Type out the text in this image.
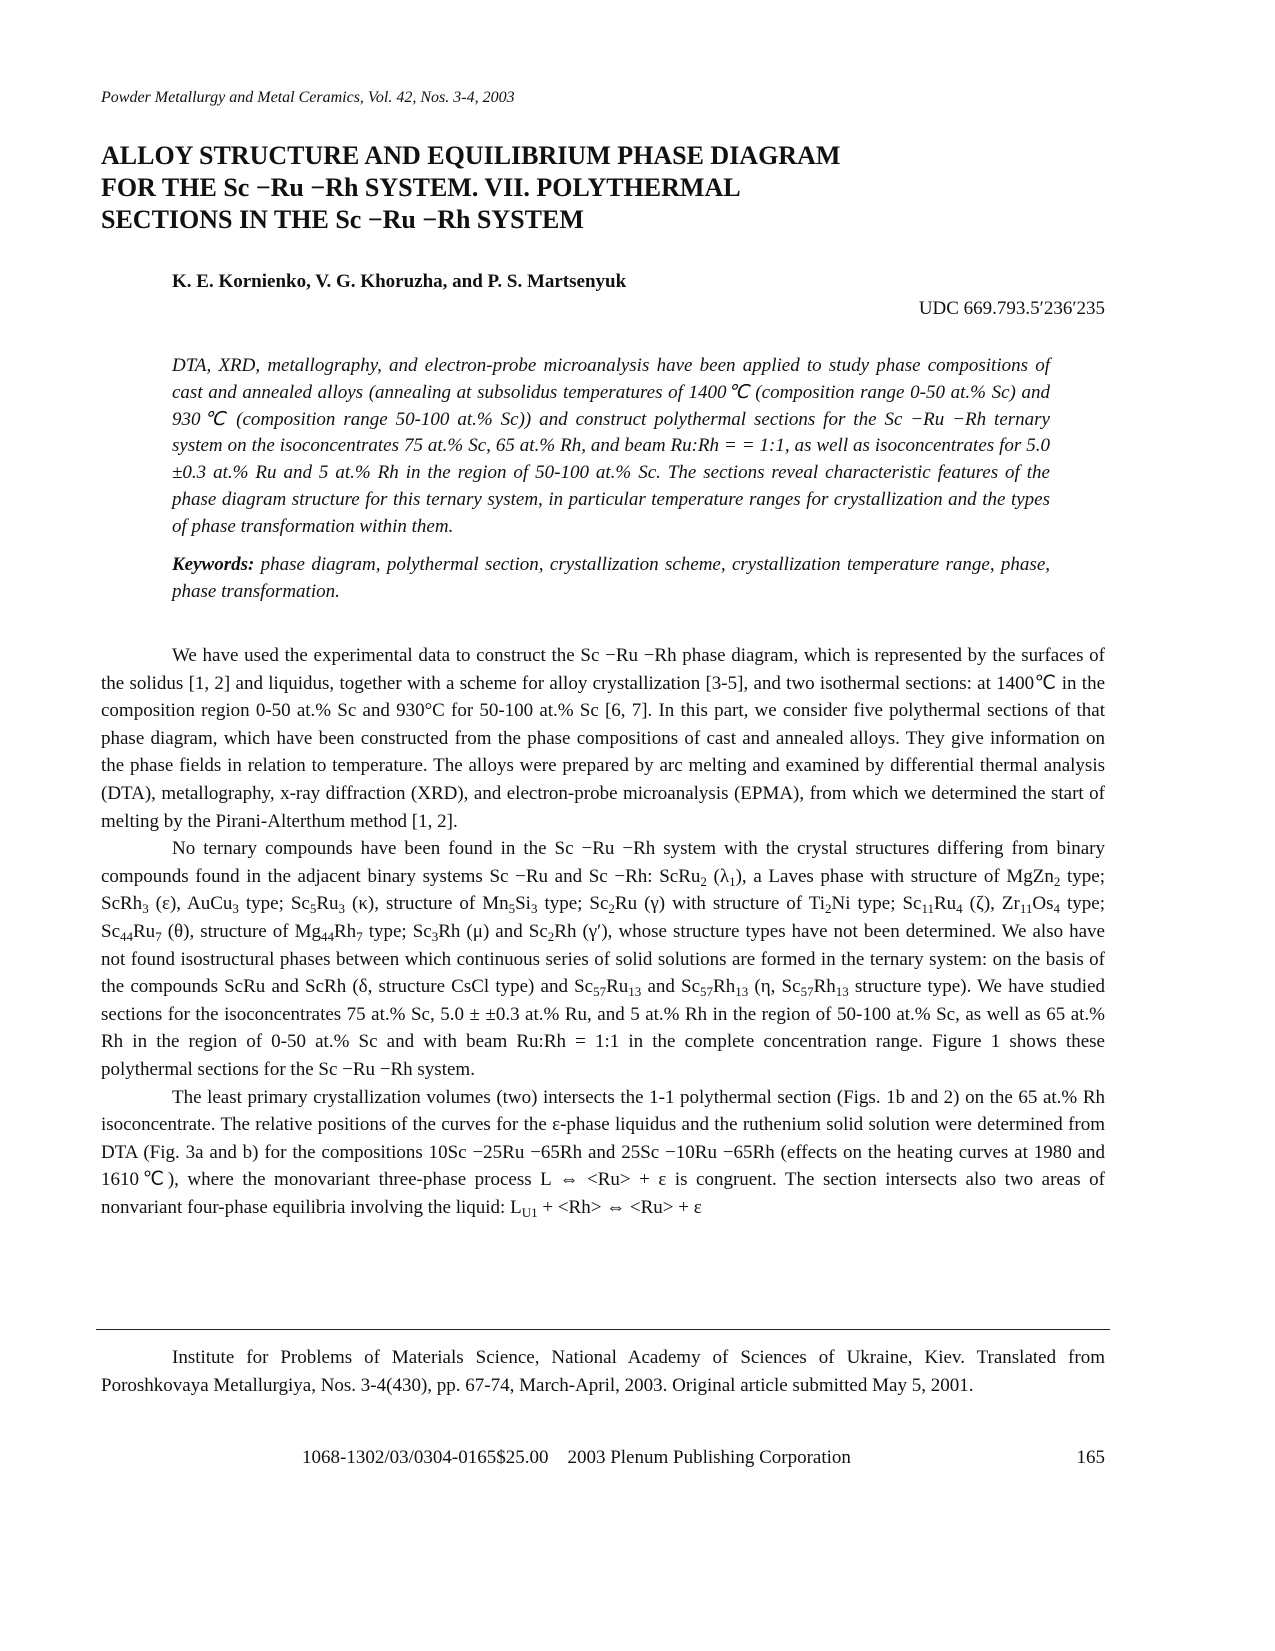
Powder Metallurgy and Metal Ceramics, Vol. 42, Nos. 3-4, 2003
ALLOY STRUCTURE AND EQUILIBRIUM PHASE DIAGRAM
FOR THE Sc −Ru −Rh SYSTEM. VII. POLYTHERMAL
SECTIONS IN THE Sc −Ru −Rh SYSTEM
K. E. Kornienko, V. G. Khoruzha, and P. S. Martsenyuk
UDC 669.793.5′236′235
DTA, XRD, metallography, and electron-probe microanalysis have been applied to study phase compositions of cast and annealed alloys (annealing at subsolidus temperatures of 1400℃ (composition range 0-50 at.% Sc) and 930℃ (composition range 50-100 at.% Sc)) and construct polythermal sections for the Sc −Ru −Rh ternary system on the isoconcentrates 75 at.% Sc, 65 at.% Rh, and beam Ru:Rh = = 1:1, as well as isoconcentrates for 5.0 ±0.3 at.% Ru and 5 at.% Rh in the region of 50-100 at.% Sc. The sections reveal characteristic features of the phase diagram structure for this ternary system, in particular temperature ranges for crystallization and the types of phase transformation within them.
Keywords: phase diagram, polythermal section, crystallization scheme, crystallization temperature range, phase, phase transformation.

We have used the experimental data to construct the Sc −Ru −Rh phase diagram, which is represented by the surfaces of the solidus [1, 2] and liquidus, together with a scheme for alloy crystallization [3-5], and two isothermal sections: at 1400℃ in the composition region 0-50 at.% Sc and 930°C for 50-100 at.% Sc [6, 7]. In this part, we consider five polythermal sections of that phase diagram, which have been constructed from the phase compositions of cast and annealed alloys. They give information on the phase fields in relation to temperature. The alloys were prepared by arc melting and examined by differential thermal analysis (DTA), metallography, x-ray diffraction (XRD), and electron-probe microanalysis (EPMA), from which we determined the start of melting by the Pirani-Alterthum method [1, 2].

No ternary compounds have been found in the Sc −Ru −Rh system with the crystal structures differing from binary compounds found in the adjacent binary systems Sc −Ru and Sc −Rh: ScRu$_2$ $(\lambda_1)$, a Laves phase with structure of MgZn$_2$ type; ScRh$_3$ (ε), AuCu$_3$ type; $Sc_5Ru_3$ (κ), structure of $Mn_5Si_3$ type; $Sc_2Ru$ (γ) with structure of $Ti_2Ni$ type; $Sc_{11}Ru_4$ (ζ), $Zr_{11}Os_4$ type; $Sc_{44}Ru_7$ (θ), structure of $Mg_{44}Rh_7$ type; $Sc_3Rh$ (μ) and $Sc_2Rh$ (γ′), whose structure types have not been determined. We also have not found isostructural phases between which continuous series of solid solutions are formed in the ternary system: on the basis of the compounds ScRu and ScRh (δ, structure CsCl type) and $Sc_{57}Ru_{13}$ and $Sc_{57}Rh_{13}$ (η, $Sc_{57}Rh_{13}$ structure type). We have studied sections for the isoconcentrates 75 at.% Sc, 5.0 ± ±0.3 at.% Ru, and 5 at.% Rh in the region of 50-100 at.% Sc, as well as 65 at.% Rh in the region of 0-50 at.% Sc and with beam Ru:Rh = 1:1 in the complete concentration range. Figure 1 shows these polythermal sections for the Sc −Ru −Rh system.

The least primary crystallization volumes (two) intersects the 1-1 polythermal section (Figs. 1b and 2) on the 65 at.% Rh isoconcentrate. The relative positions of the curves for the ε-phase liquidus and the ruthenium solid solution were determined from DTA (Fig. 3a and b) for the compositions 10Sc −25Ru −65Rh and 25Sc −10Ru −65Rh (effects on the heating curves at 1980 and 1610℃), where the monovariant three-phase process L ⇔ <Ru> + ε is congruent. The section intersects also two areas of nonvariant four-phase equilibria involving the liquid: $L_{U1} + <Rh>$ ⇔ <Ru> + ε

Institute for Problems of Materials Science, National Academy of Sciences of Ukraine, Kiev. Translated from Poroshkovaya Metallurgiya, Nos. 3-4(430), pp. 67-74, March-April, 2003. Original article submitted May 5, 2001.
1068-1302/03/0304-0165$25.00    2003 Plenum Publishing Corporation	165
